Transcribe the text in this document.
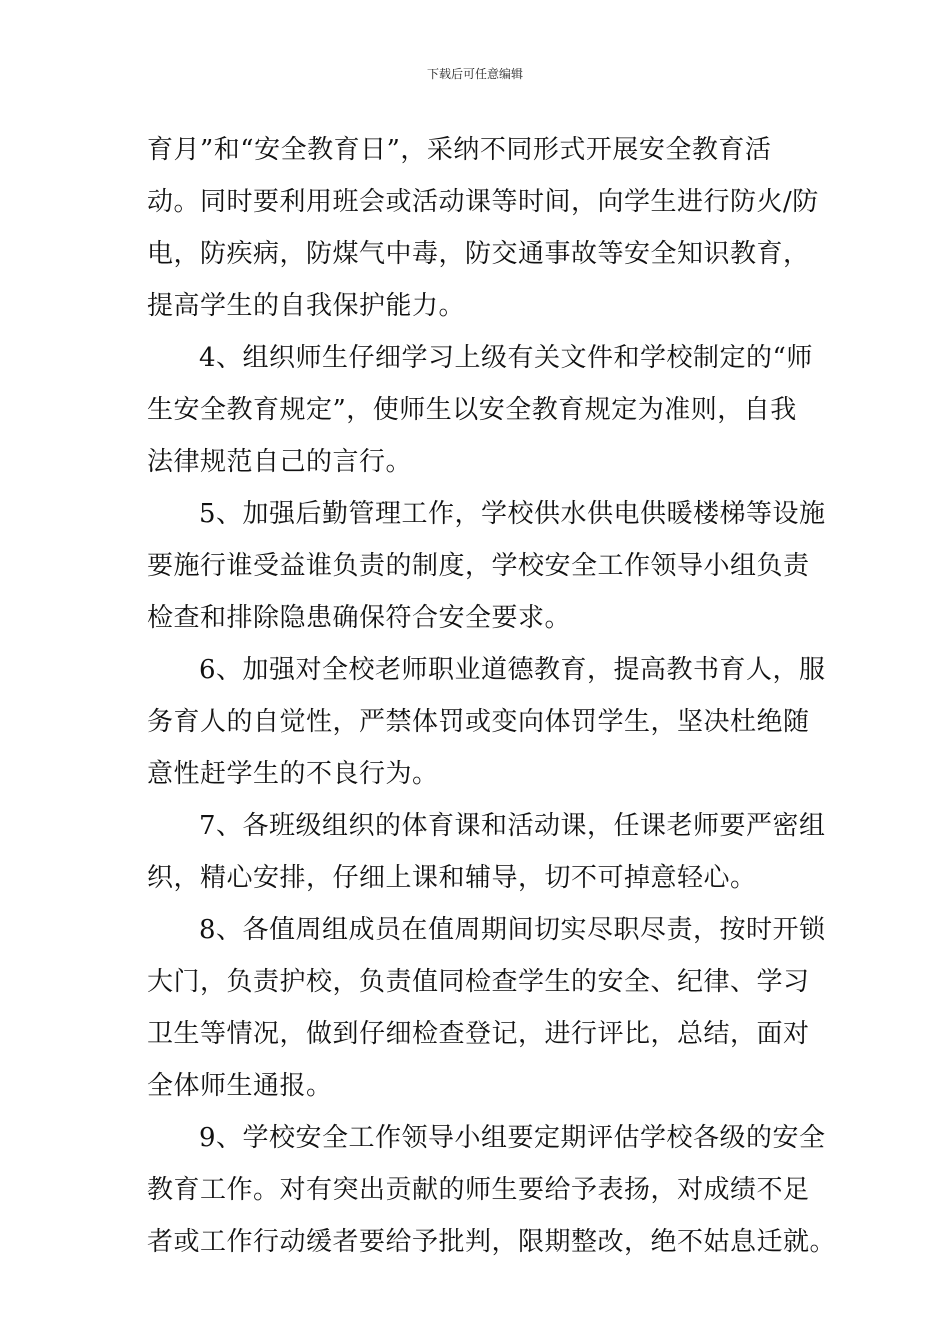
下载后可任意编辑
育月”和“安全教育日”，采纳不同形式开展安全教育活
动。同时要利用班会或活动课等时间，向学生进行防火/防
电，防疾病，防煤气中毒，防交通事故等安全知识教育，
提高学生的自我保护能力。
4、组织师生仔细学习上级有关文件和学校制定的“师
生安全教育规定”，使师生以安全教育规定为准则，自我
法律规范自己的言行。
5、加强后勤管理工作，学校供水供电供暖楼梯等设施
要施行谁受益谁负责的制度，学校安全工作领导小组负责
检查和排除隐患确保符合安全要求。
6、加强对全校老师职业道德教育，提高教书育人，服
务育人的自觉性，严禁体罚或变向体罚学生，坚决杜绝随
意性赶学生的不良行为。
7、各班级组织的体育课和活动课，任课老师要严密组
织，精心安排，仔细上课和辅导，切不可掉意轻心。
8、各值周组成员在值周期间切实尽职尽责，按时开锁
大门，负责护校，负责值同检查学生的安全、纪律、学习
卫生等情况，做到仔细检查登记，进行评比，总结，面对
全体师生通报。
9、学校安全工作领导小组要定期评估学校各级的安全
教育工作。对有突出贡献的师生要给予表扬，对成绩不足
者或工作行动缓者要给予批判，限期整改，绝不姑息迁就。
